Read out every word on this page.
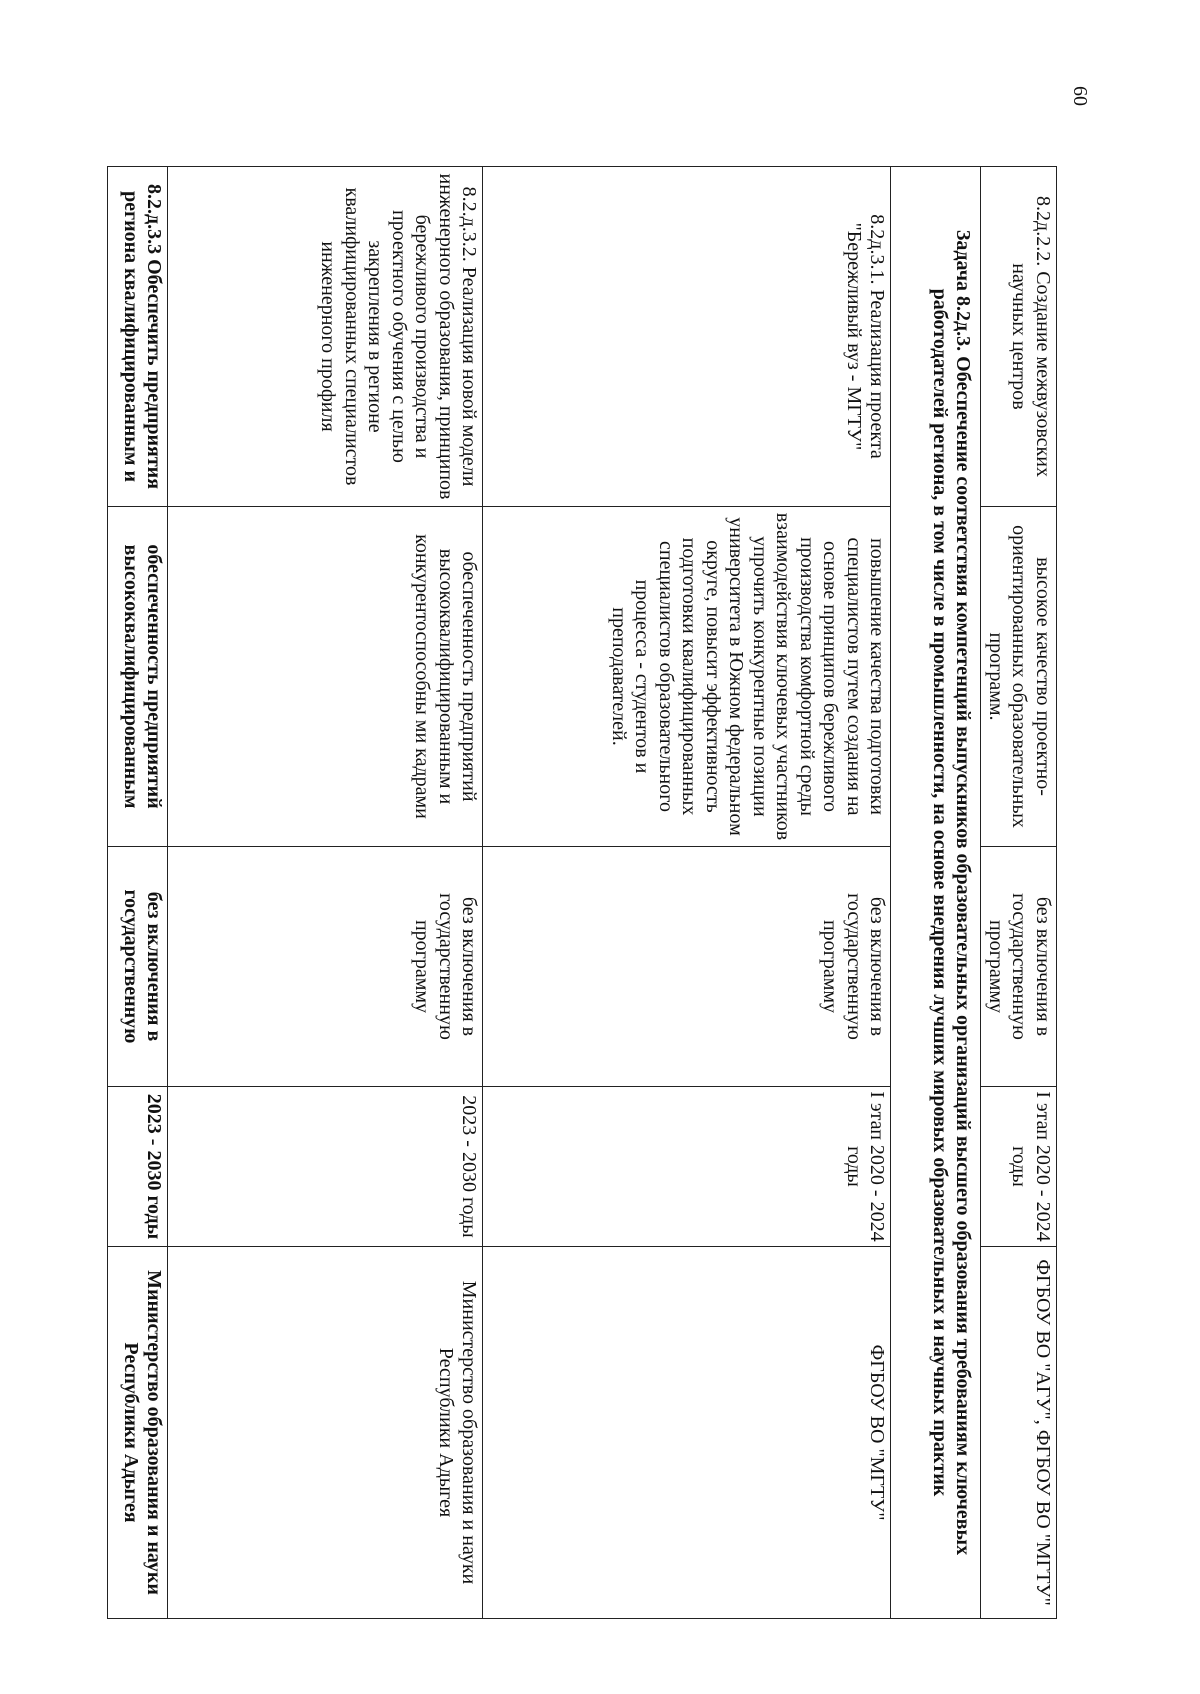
60
8.2д.2.2. Создание межвузовских научных центров	высокое качество проектно-ориентированных образовательных программ.	без включения в государственную программу	I этап 2020 - 2024 годы	ФГБОУ ВО "АГУ", ФГБОУ ВО "МГТУ"
Задача 8.2д.3. Обеспечение соответствия компетенций выпускников образовательных организаций высшего образования требованиям ключевых работодателей региона, в том числе в промышленности, на основе внедрения лучших мировых образовательных и научных практик				
8.2д.3.1. Реализация проекта "Бережливый вуз - МГТУ"	повышение качества подготовки специалистов путем создания на основе принципов бережливого производства комфортной среды взаимодействия ключевых участников упрочить конкурентные позиции университета в Южном федеральном округе, повысит эффективность подготовки квалифицированных специалистов образовательного процесса - студентов и преподавателей.	без включения в государственную программу	I этап 2020 - 2024 годы	ФГБОУ ВО "МГТУ"
8.2.д.3.2. Реализация новой модели инженерного образования, принципов бережливого производства и проектного обучения с целью закрепления в регионе квалифицированных специалистов инженерного профиля	обеспеченность предприятий высококвалифицированным и конкурентоспособны ми кадрами	без включения в государственную программу	2023 - 2030 годы	Министерство образования и науки Республики Адыгея
8.2.д.3.3 Обеспечить предприятия региона квалифицированным и	обеспеченность предприятий высококвалифицированным	без включения в государственную	2023 - 2030 годы	Министерство образования и науки Республики Адыгея
